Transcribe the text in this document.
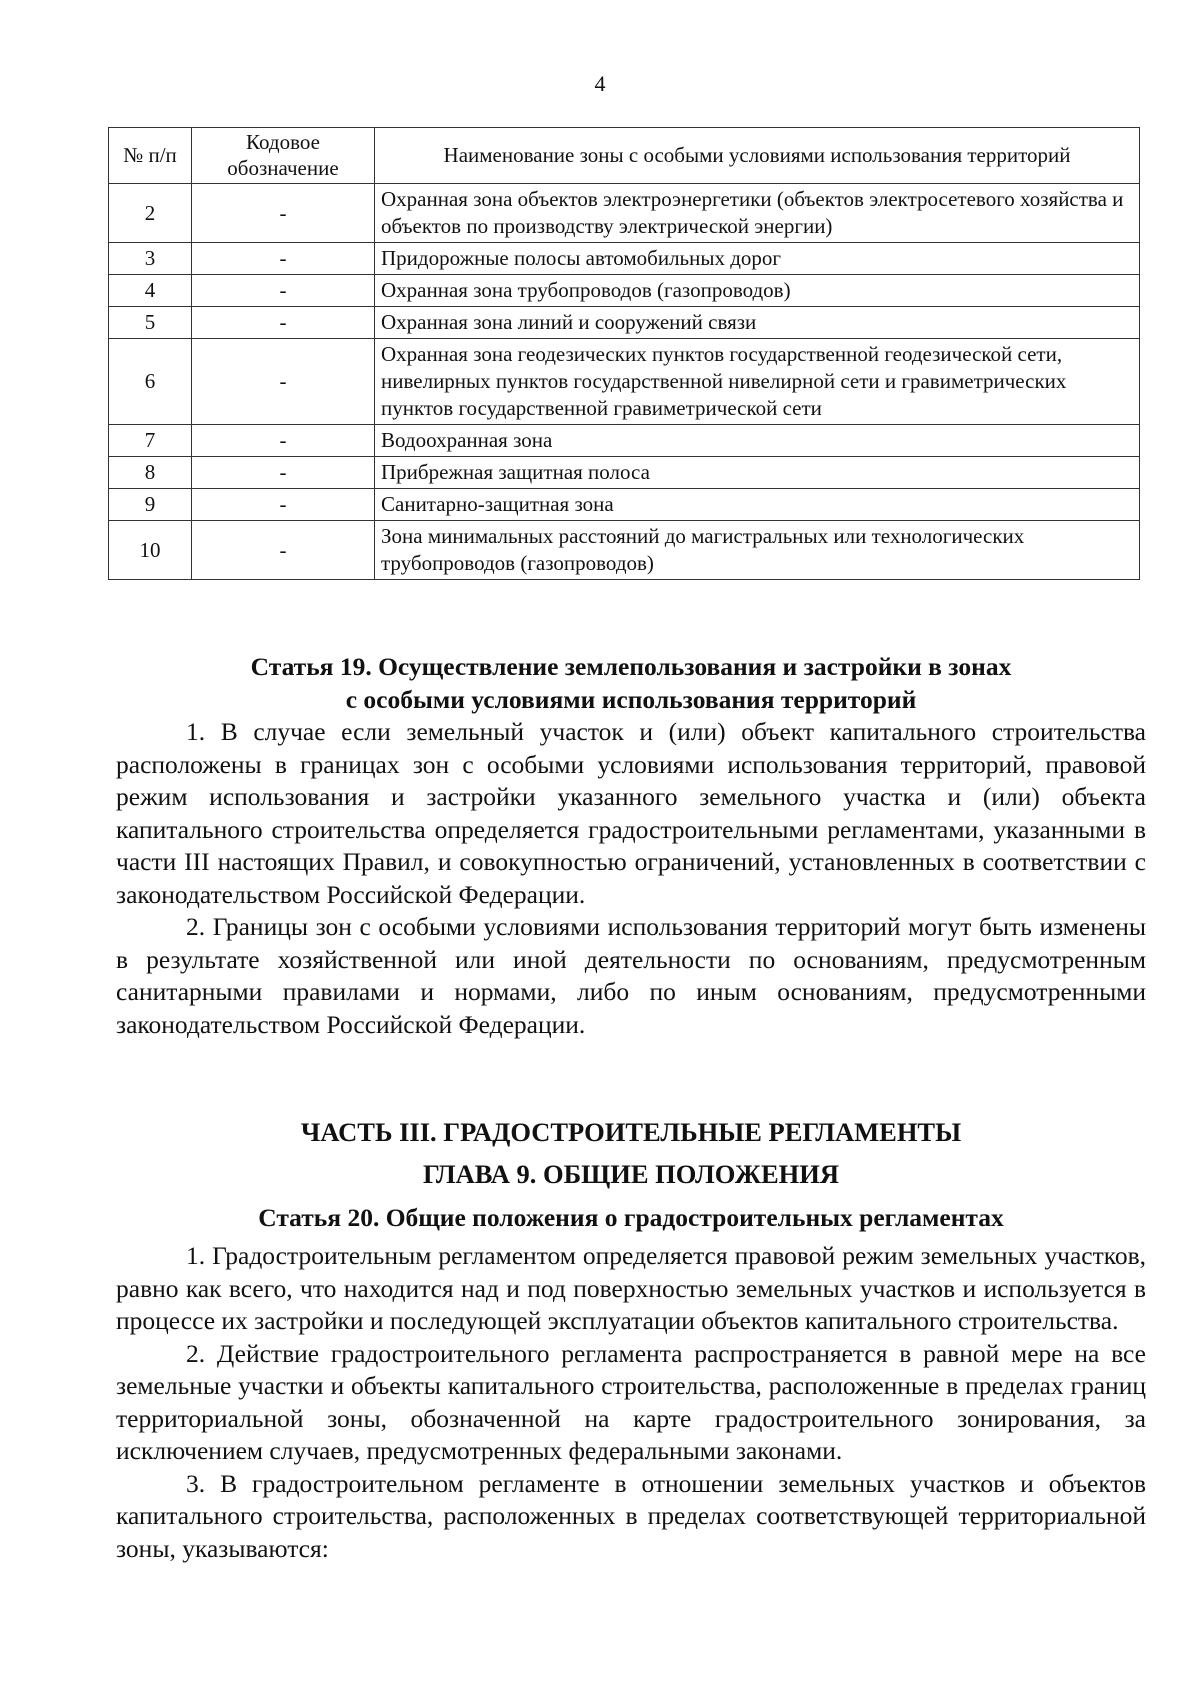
4
№ п/п	Кодовое обозначение	Наименование зоны с особыми условиями использования территорий
2	-	Охранная зона объектов электроэнергетики (объектов электросетевого хозяйства и объектов по производству электрической энергии)
3	-	Придорожные полосы автомобильных дорог
4	-	Охранная зона трубопроводов (газопроводов)
5	-	Охранная зона линий и сооружений связи
6	-	Охранная зона геодезических пунктов государственной геодезической сети, нивелирных пунктов государственной нивелирной сети и гравиметрических пунктов государственной гравиметрической сети
7	-	Водоохранная зона
8	-	Прибрежная защитная полоса
9	-	Санитарно-защитная зона
10	-	Зона минимальных расстояний до магистральных или технологических трубопроводов (газопроводов)

Статья 19. Осуществление землепользования и застройки в зонах

с особыми условиями использования территорий

1. В случае если земельный участок и (или) объект капитального строительства расположены в границах зон с особыми условиями использования территорий, правовой режим использования и застройки указанного земельного участка и (или) объекта капитального строительства определяется градостроительными регламентами, указанными в части III настоящих Правил, и совокупностью ограничений, установленных в соответствии с законодательством Российской Федерации.

2. Границы зон с особыми условиями использования территорий могут быть изменены в результате хозяйственной или иной деятельности по основаниям, предусмотренным санитарными правилами и нормами, либо по иным основаниям, предусмотренными законодательством Российской Федерации.

ЧАСТЬ III. ГРАДОСТРОИТЕЛЬНЫЕ РЕГЛАМЕНТЫ

ГЛАВА 9. ОБЩИЕ ПОЛОЖЕНИЯ

Статья 20. Общие положения о градостроительных регламентах

1. Градостроительным регламентом определяется правовой режим земельных участков, равно как всего, что находится над и под поверхностью земельных участков и используется в процессе их застройки и последующей эксплуатации объектов капитального строительства.

2. Действие градостроительного регламента распространяется в равной мере на все земельные участки и объекты капитального строительства, расположенные в пределах границ территориальной зоны, обозначенной на карте градостроительного зонирования, за исключением случаев, предусмотренных федеральными законами.

3. В градостроительном регламенте в отношении земельных участков и объектов капитального строительства, расположенных в пределах соответствующей территориальной зоны, указываются:
